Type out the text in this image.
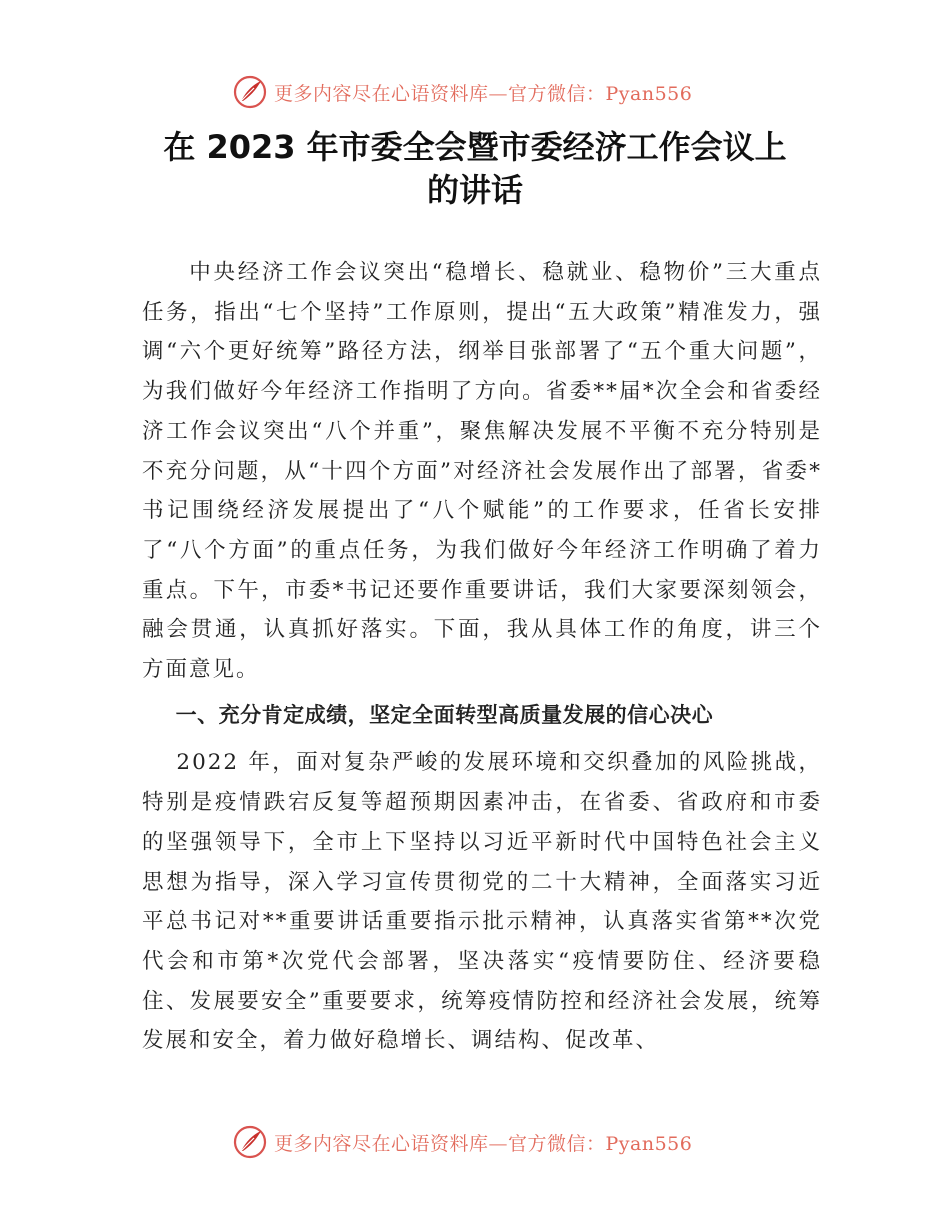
更多内容尽在心语资料库—官方微信：Pyan556
在 2023 年市委全会暨市委经济工作会议上
的讲话

中央经济工作会议突出“稳增长、稳就业、稳物价”三大重点任务，指出“七个坚持”工作原则，提出“五大政策”精准发力，强调“六个更好统筹”路径方法，纲举目张部署了“五个重大问题”，为我们做好今年经济工作指明了方向。省委**届*次全会和省委经济工作会议突出“八个并重”，聚焦解决发展不平衡不充分特别是不充分问题，从“十四个方面”对经济社会发展作出了部署，省委*书记围绕经济发展提出了“八个赋能”的工作要求，任省长安排了“八个方面”的重点任务，为我们做好今年经济工作明确了着力重点。下午，市委*书记还要作重要讲话，我们大家要深刻领会，融会贯通，认真抓好落实。下面，我从具体工作的角度，讲三个方面意见。

一、充分肯定成绩，坚定全面转型高质量发展的信心决心

2022 年，面对复杂严峻的发展环境和交织叠加的风险挑战，特别是疫情跌宕反复等超预期因素冲击，在省委、省政府和市委的坚强领导下，全市上下坚持以习近平新时代中国特色社会主义思想为指导，深入学习宣传贯彻党的二十大精神，全面落实习近平总书记对**重要讲话重要指示批示精神，认真落实省第**次党代会和市第*次党代会部署，坚决落实“疫情要防住、经济要稳住、发展要安全”重要要求，统筹疫情防控和经济社会发展，统筹发展和安全，着力做好稳增长、调结构、促改革、

更多内容尽在心语资料库—官方微信：Pyan556
